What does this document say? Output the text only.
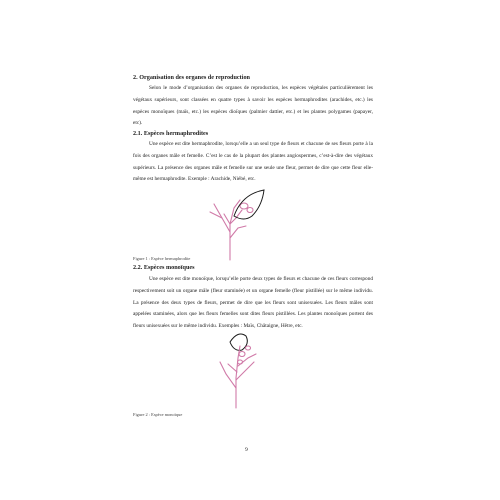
2. Organisation des organes de reproduction
Selon le mode d’organisation des organes de reproduction, les espèces végétales particulièrement les végétaux supérieurs, sont classées en quatre types à savoir les espèces hermaphrodites (arachides, etc.) les espèces monoïques (maïs, etc.) les espèces dioïques (palmier dattier, etc.) et les plantes polygames (papayer, etc).
2.1. Espèces hermaphrodites
Une espèce est dite hermaphrodite, lorsqu’elle a un seul type de fleurs et chacune de ses fleurs porte à la fois des organes mâle et femelle. C’est le cas de la plupart des plantes angiospermes, c’est-à-dire des végétaux supérieurs. La présence des organes mâle et femelle sur une seule une fleur, permet de dire que cette fleur elle-même est hermaphrodite. Exemple : Arachide, Niébé, etc.
Figure 1 : Espèce hermaphrodite
2.2. Espèces monoïques
Une espèce est dite monoïque, lorsqu’elle porte deux types de fleurs et chacune de ces fleurs correspond respectivement soit un organe mâle (fleur staminée) et un organe femelle (fleur pistillée) sur le même individu. La présence des deux types de fleurs, permet de dire que les fleurs sont unisexuées. Les fleurs mâles sont appelées staminées, alors que les fleurs femelles sont dites fleurs pistillées. Les plantes monoïques portent des fleurs unisexuées sur le même individu. Exemples : Maïs, Châtaigne, Hêtre, etc.
Figure 2 : Espèce monoïque
9
